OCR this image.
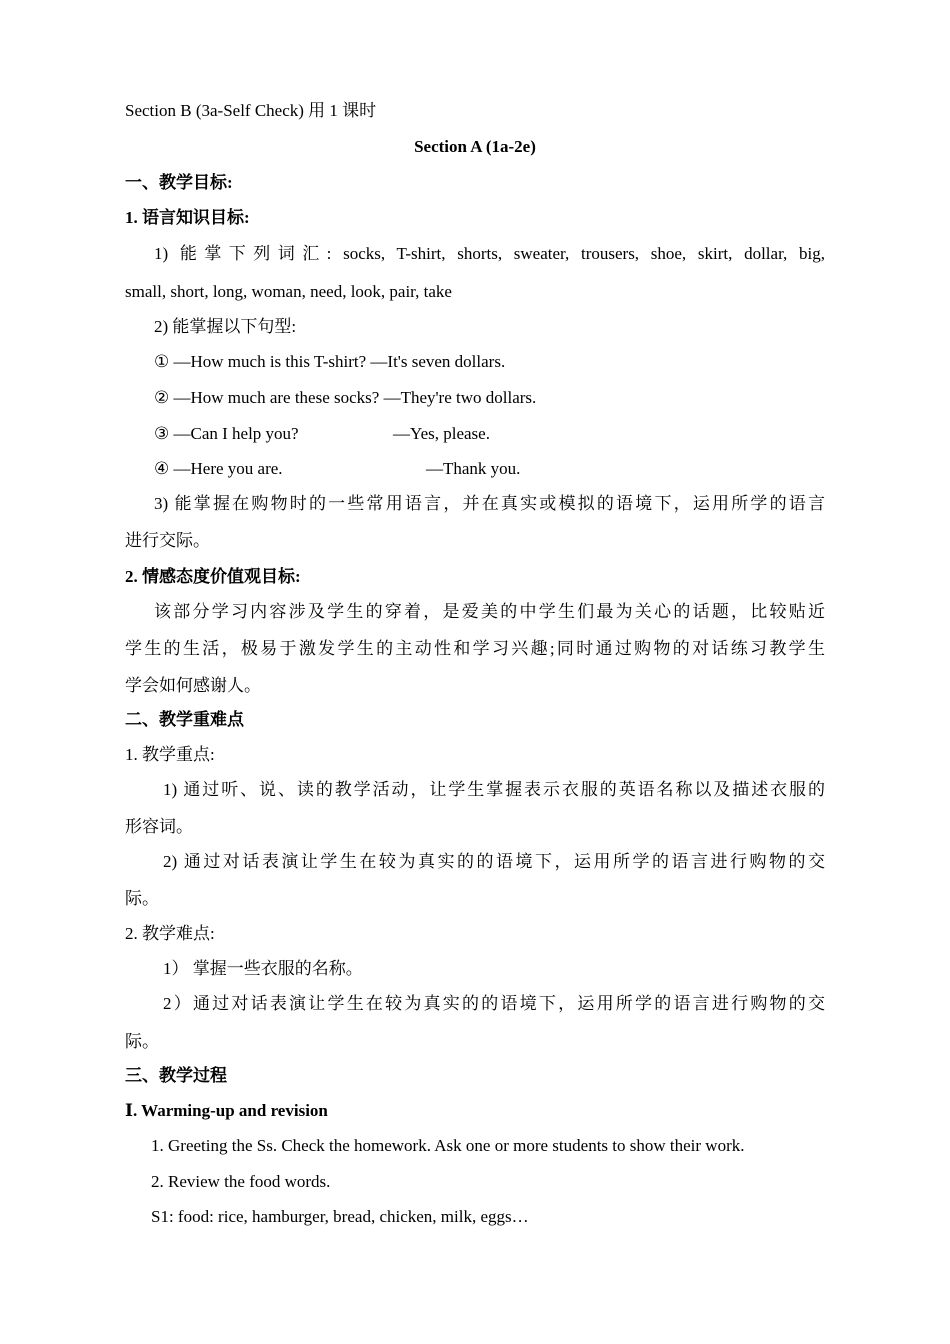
Section B (3a-Self Check) 用 1 课时
Section A (1a-2e)
一、教学目标:
1. 语言知识目标:
1) 能掌下列词汇: socks, T-shirt, shorts, sweater, trousers, shoe, skirt, dollar, big,
small, short, long, woman, need, look, pair, take
2) 能掌握以下句型:
① —How much is this T-shirt? —It's seven dollars.
② —How much are these socks? —They're two dollars.
③ —Can I help you?	—Yes, please.
④ —Here you are.	—Thank you.
3) 能掌握在购物时的一些常用语言，并在真实或模拟的语境下，运用所学的语言
进行交际。
2. 情感态度价值观目标:
该部分学习内容涉及学生的穿着，是爱美的中学生们最为关心的话题，比较贴近
学生的生活，极易于激发学生的主动性和学习兴趣;同时通过购物的对话练习教学生
学会如何感谢人。
二、教学重难点
1. 教学重点:
1) 通过听、说、读的教学活动，让学生掌握表示衣服的英语名称以及描述衣服的
形容词。
2) 通过对话表演让学生在较为真实的的语境下，运用所学的语言进行购物的交
际。
2. 教学难点:
1） 掌握一些衣服的名称。
2）通过对话表演让学生在较为真实的的语境下，运用所学的语言进行购物的交
际。
三、教学过程
Ⅰ. Warming-up and revision
1. Greeting the Ss. Check the homework. Ask one or more students to show their work.
2. Review the food words.
S1: food: rice, hamburger, bread, chicken, milk, eggs…
